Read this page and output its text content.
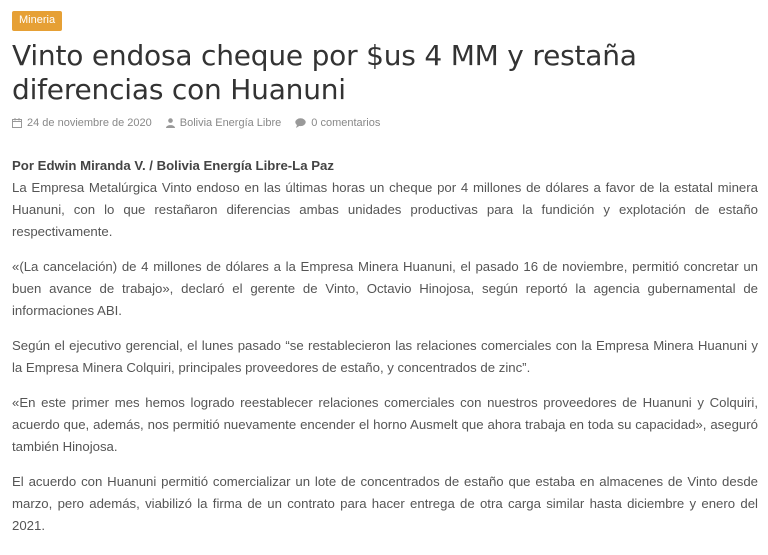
Mineria
Vinto endosa cheque por $us 4 MM y restaña diferencias con Huanuni
24 de noviembre de 2020	Bolivia Energía Libre	0 comentarios

Por Edwin Miranda V. / Bolivia Energía Libre-La Paz

La Empresa Metalúrgica Vinto endoso en las últimas horas un cheque por 4 millones de dólares a favor de la estatal minera Huanuni, con lo que restañaron diferencias ambas unidades productivas para la fundición y explotación de estaño respectivamente.

«(La cancelación) de 4 millones de dólares a la Empresa Minera Huanuni, el pasado 16 de noviembre, permitió concretar un buen avance de trabajo», declaró el gerente de Vinto, Octavio Hinojosa, según reportó la agencia gubernamental de informaciones ABI.

Según el ejecutivo gerencial, el lunes pasado “se restablecieron las relaciones comerciales con la Empresa Minera Huanuni y la Empresa Minera Colquiri, principales proveedores de estaño, y concentrados de zinc”.

«En este primer mes hemos logrado reestablecer relaciones comerciales con nuestros proveedores de Huanuni y Colquiri, acuerdo que, además, nos permitió nuevamente encender el horno Ausmelt que ahora trabaja en toda su capacidad», aseguró también Hinojosa.

El acuerdo con Huanuni permitió comercializar un lote de concentrados de estaño que estaba en almacenes de Vinto desde marzo, pero además, viabilizó la firma de un contrato para hacer entrega de otra carga similar hasta diciembre y enero del 2021.
